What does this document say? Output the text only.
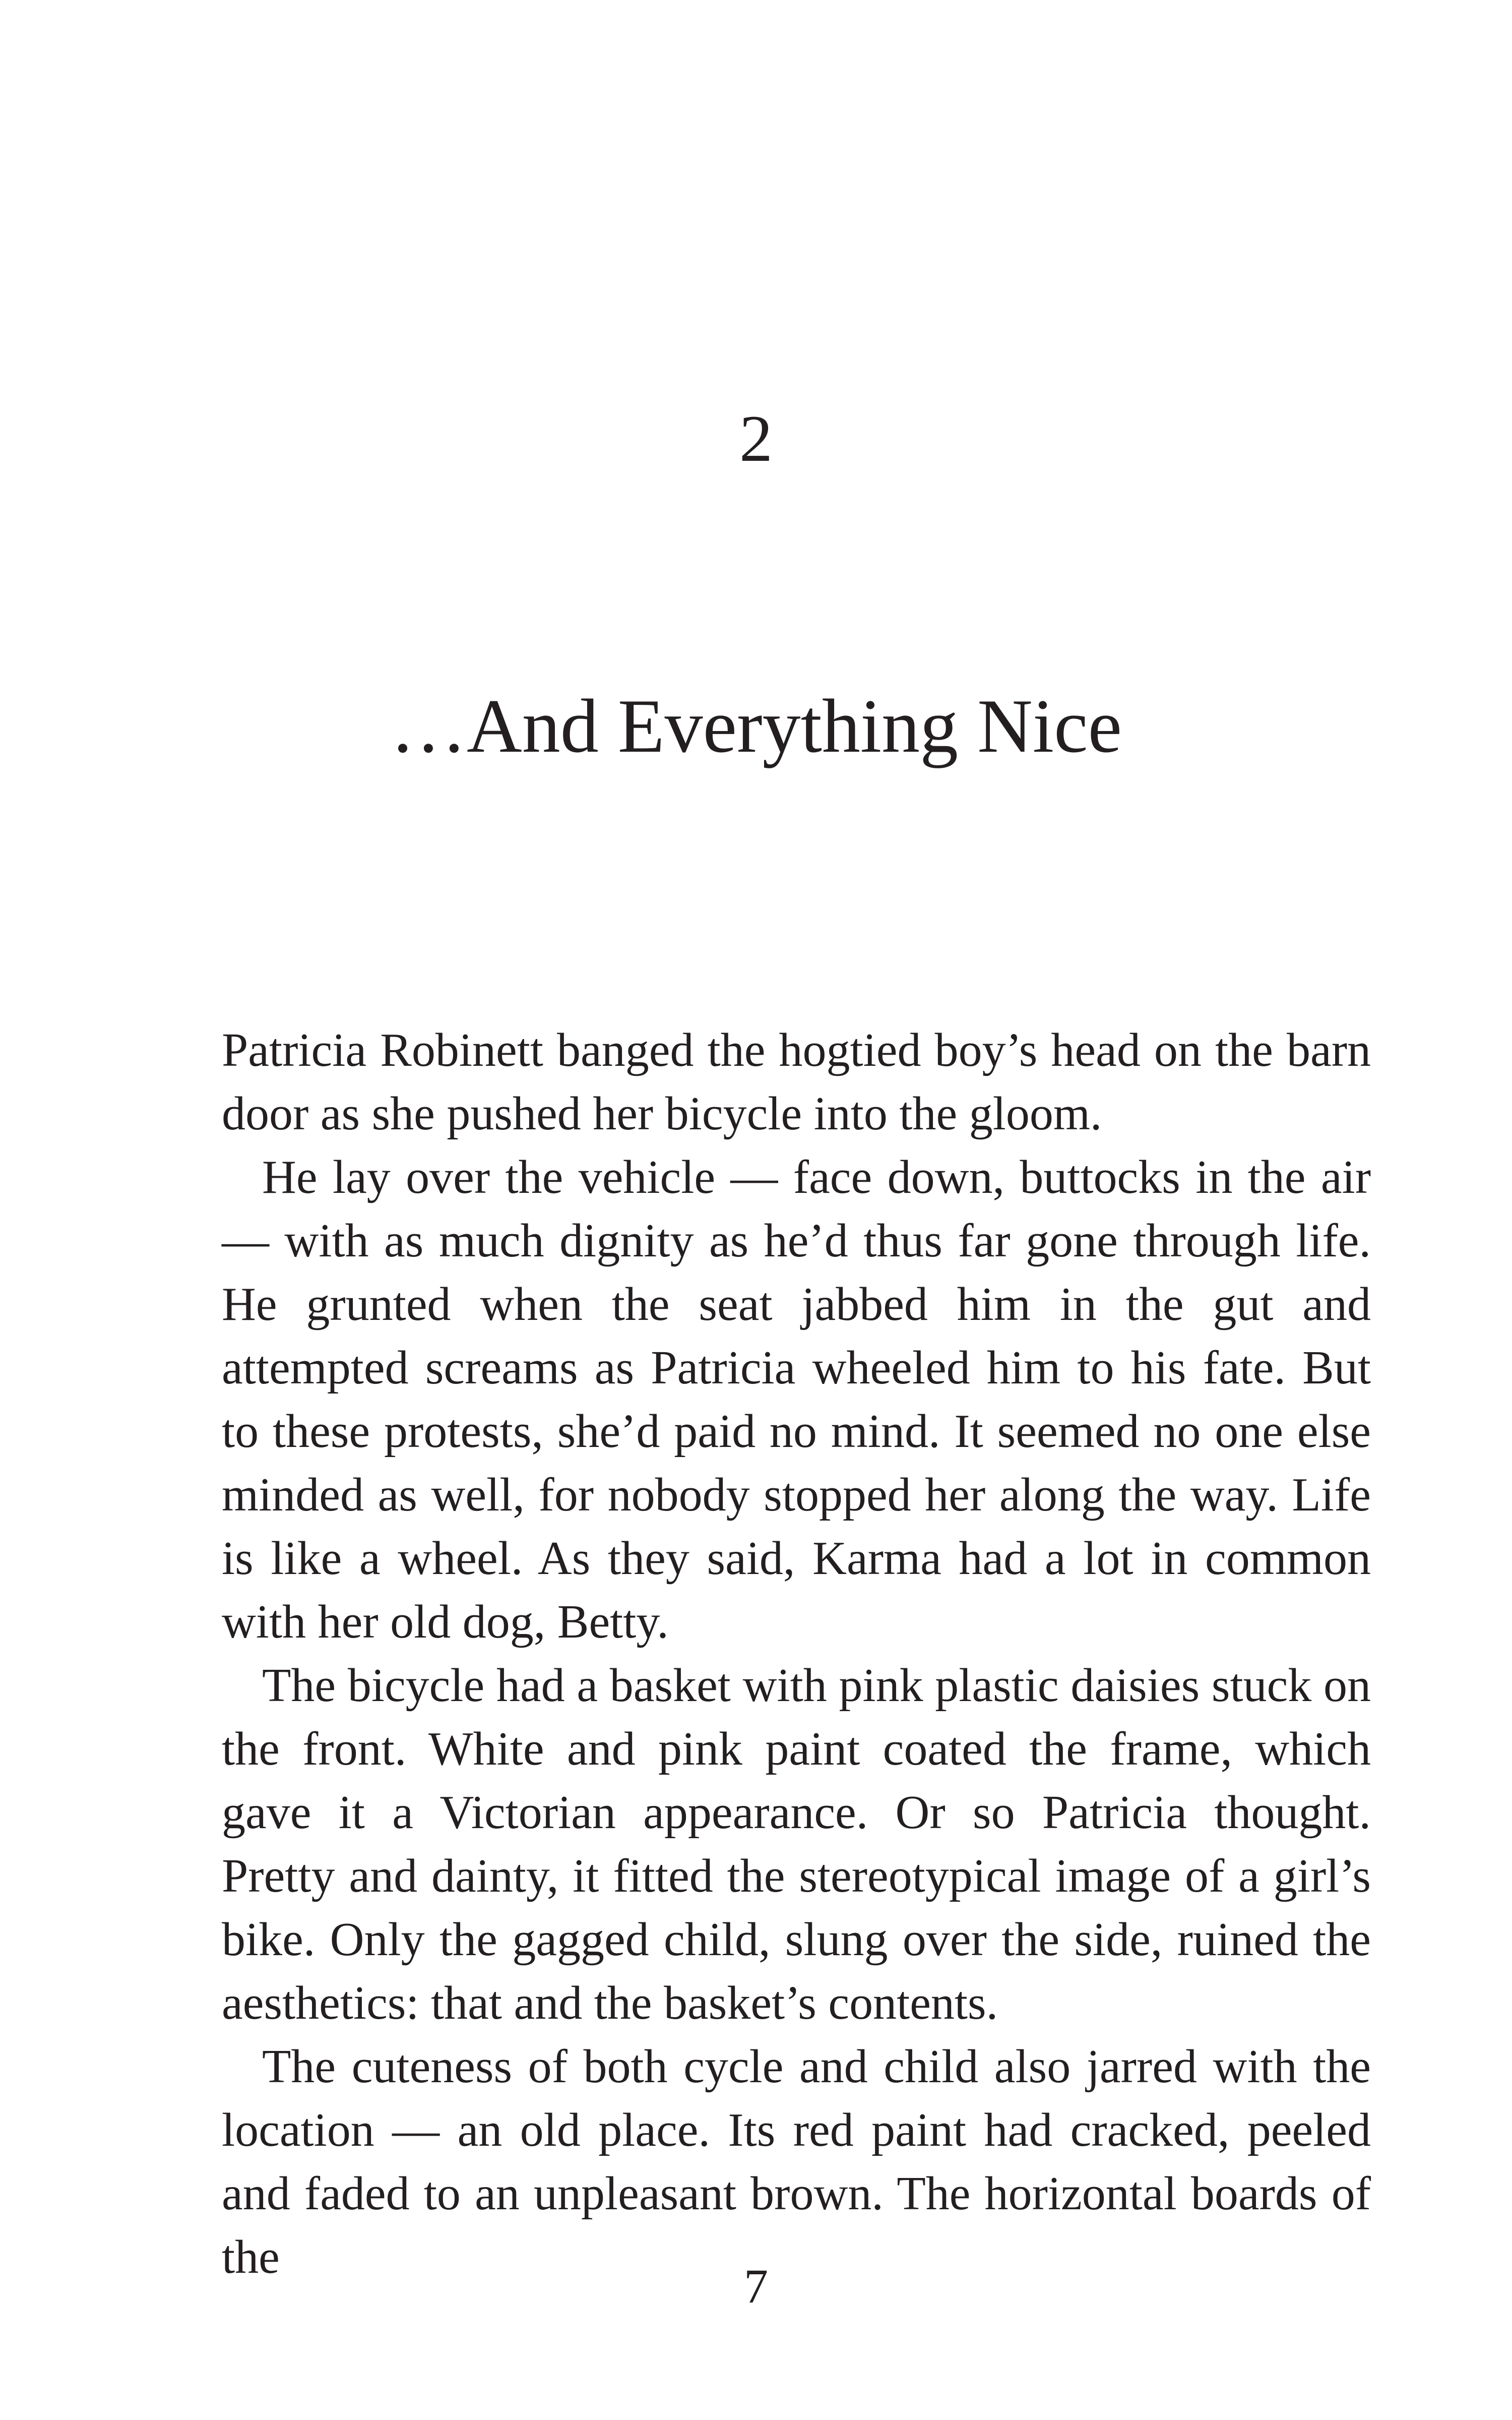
2
…And Everything Nice

Patricia Robinett banged the hogtied boy’s head on the barn door as she pushed her bicycle into the gloom.

He lay over the vehicle — face down, buttocks in the air — with as much dignity as he’d thus far gone through life. He grunted when the seat jabbed him in the gut and attempted screams as Patricia wheeled him to his fate. But to these protests, she’d paid no mind. It seemed no one else minded as well, for nobody stopped her along the way. Life is like a wheel. As they said, Karma had a lot in common with her old dog, Betty.

The bicycle had a basket with pink plastic daisies stuck on the front. White and pink paint coated the frame, which gave it a Victorian appearance. Or so Patricia thought. Pretty and dainty, it fitted the stereotypical image of a girl’s bike. Only the gagged child, slung over the side, ruined the aesthetics: that and the basket’s contents.

The cuteness of both cycle and child also jarred with the location — an old place. Its red paint had cracked, peeled and faded to an unpleasant brown. The horizontal boards of the

7
